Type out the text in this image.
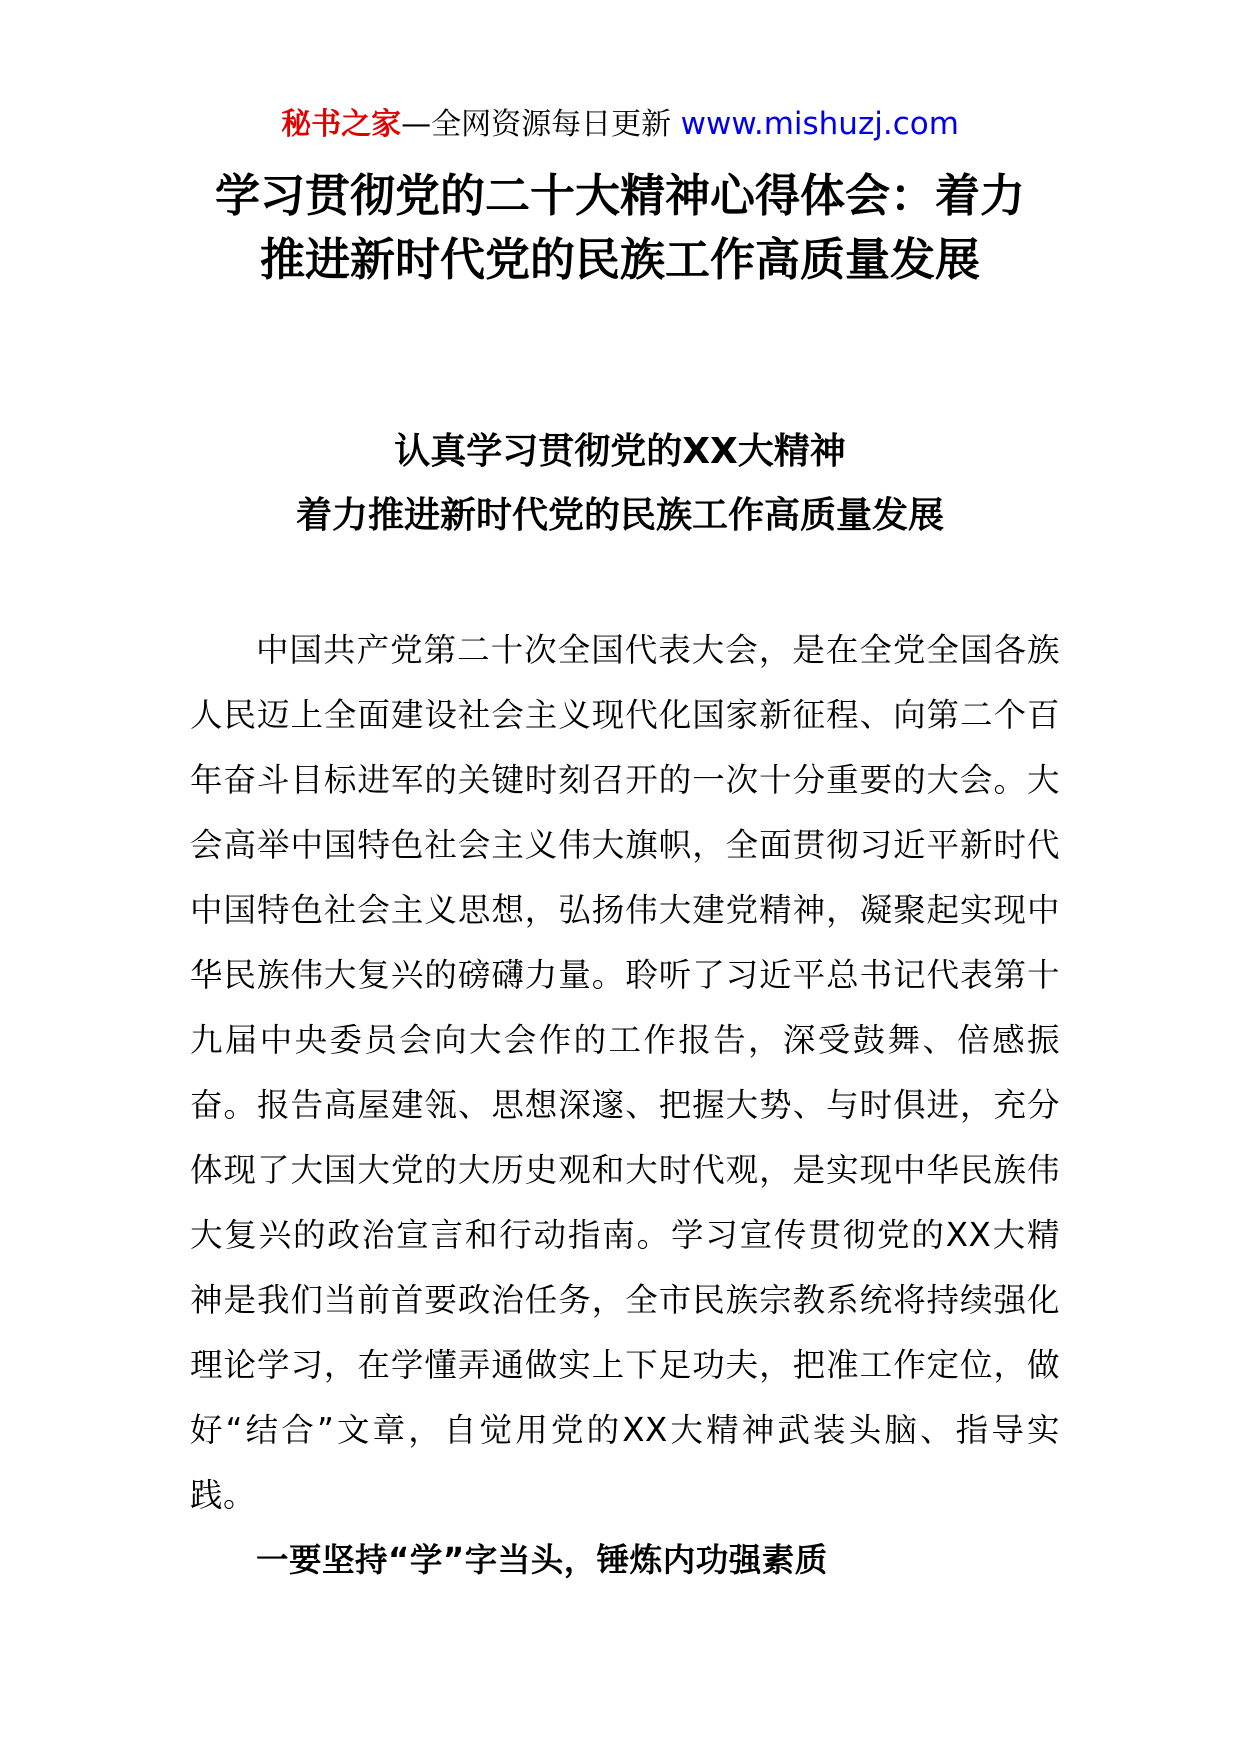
秘书之家—全网资源每日更新 www.mishuzj.com
学习贯彻党的二十大精神心得体会：着力
推进新时代党的民族工作高质量发展
认真学习贯彻党的XX大精神
着力推进新时代党的民族工作高质量发展

中国共产党第二十次全国代表大会，是在全党全国各族人民迈上全面建设社会主义现代化国家新征程、向第二个百年奋斗目标进军的关键时刻召开的一次十分重要的大会。大会高举中国特色社会主义伟大旗帜，全面贯彻习近平新时代中国特色社会主义思想，弘扬伟大建党精神，凝聚起实现中华民族伟大复兴的磅礴力量。聆听了习近平总书记代表第十九届中央委员会向大会作的工作报告，深受鼓舞、倍感振奋。报告高屋建瓴、思想深邃、把握大势、与时俱进，充分体现了大国大党的大历史观和大时代观，是实现中华民族伟大复兴的政治宣言和行动指南。学习宣传贯彻党的XX大精神是我们当前首要政治任务，全市民族宗教系统将持续强化理论学习，在学懂弄通做实上下足功夫，把准工作定位，做好“结合”文章，自觉用党的XX大精神武装头脑、指导实践。

一要坚持“学”字当头，锤炼内功强素质
